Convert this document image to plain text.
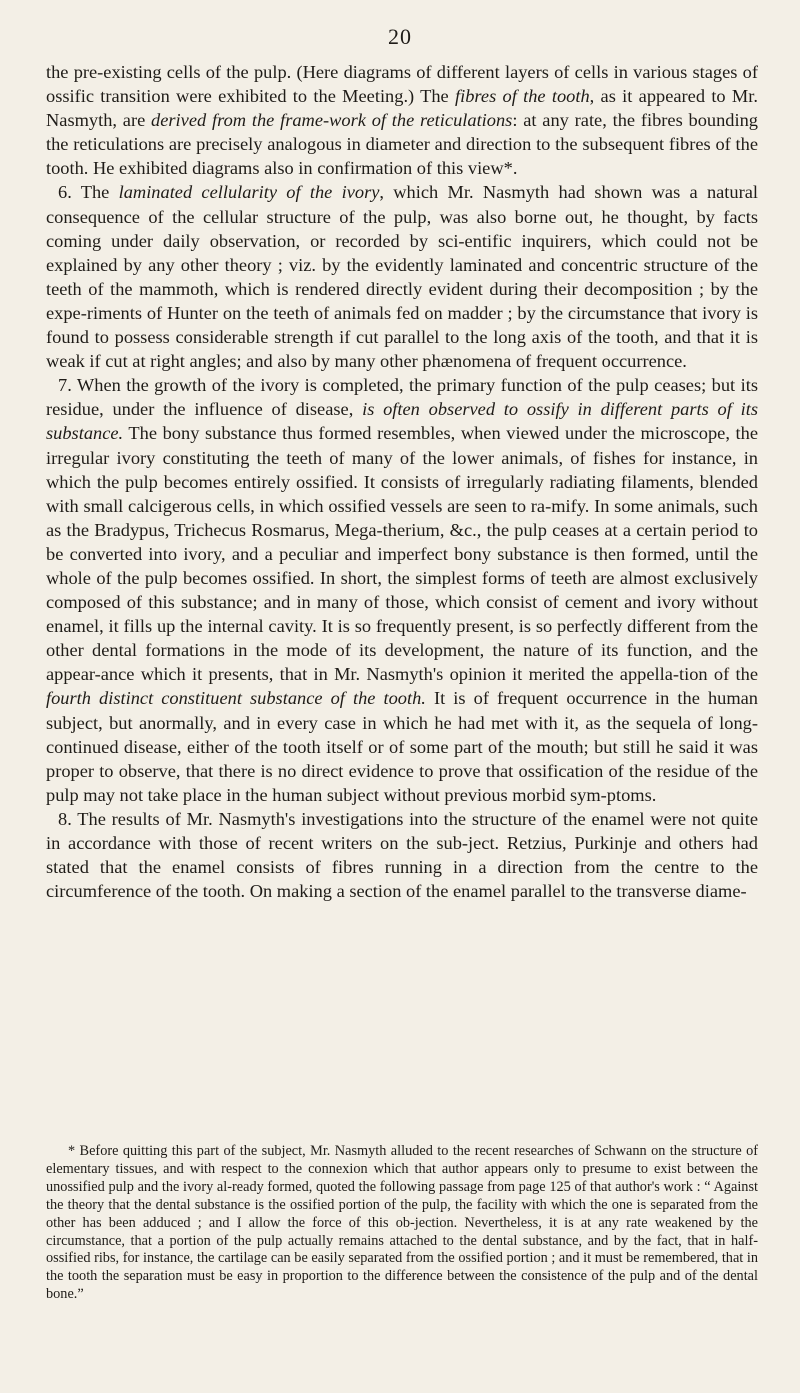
20

the pre-existing cells of the pulp. (Here diagrams of different layers of cells in various stages of ossific transition were exhibited to the Meeting.) The fibres of the tooth, as it appeared to Mr. Nasmyth, are derived from the frame-work of the reticulations: at any rate, the fibres bounding the reticulations are precisely analogous in diameter and direction to the subsequent fibres of the tooth. He exhibited diagrams also in confirmation of this view*.

6. The laminated cellularity of the ivory, which Mr. Nasmyth had shown was a natural consequence of the cellular structure of the pulp, was also borne out, he thought, by facts coming under daily observation, or recorded by sci-entific inquirers, which could not be explained by any other theory ; viz. by the evidently laminated and concentric structure of the teeth of the mammoth, which is rendered directly evident during their decomposition ; by the expe-riments of Hunter on the teeth of animals fed on madder ; by the circumstance that ivory is found to possess considerable strength if cut parallel to the long axis of the tooth, and that it is weak if cut at right angles; and also by many other phænomena of frequent occurrence.

7. When the growth of the ivory is completed, the primary function of the pulp ceases; but its residue, under the influence of disease, is often observed to ossify in different parts of its substance. The bony substance thus formed resembles, when viewed under the microscope, the irregular ivory constituting the teeth of many of the lower animals, of fishes for instance, in which the pulp becomes entirely ossified. It consists of irregularly radiating filaments, blended with small calcigerous cells, in which ossified vessels are seen to ra-mify. In some animals, such as the Bradypus, Trichecus Rosmarus, Mega-therium, &c., the pulp ceases at a certain period to be converted into ivory, and a peculiar and imperfect bony substance is then formed, until the whole of the pulp becomes ossified. In short, the simplest forms of teeth are almost exclusively composed of this substance; and in many of those, which consist of cement and ivory without enamel, it fills up the internal cavity. It is so frequently present, is so perfectly different from the other dental formations in the mode of its development, the nature of its function, and the appear-ance which it presents, that in Mr. Nasmyth's opinion it merited the appella-tion of the fourth distinct constituent substance of the tooth. It is of frequent occurrence in the human subject, but anormally, and in every case in which he had met with it, as the sequela of long-continued disease, either of the tooth itself or of some part of the mouth; but still he said it was proper to observe, that there is no direct evidence to prove that ossification of the residue of the pulp may not take place in the human subject without previous morbid sym-ptoms.

8. The results of Mr. Nasmyth's investigations into the structure of the enamel were not quite in accordance with those of recent writers on the sub-ject. Retzius, Purkinje and others had stated that the enamel consists of fibres running in a direction from the centre to the circumference of the tooth. On making a section of the enamel parallel to the transverse diame-

* Before quitting this part of the subject, Mr. Nasmyth alluded to the recent researches of Schwann on the structure of elementary tissues, and with respect to the connexion which that author appears only to presume to exist between the unossified pulp and the ivory al-ready formed, quoted the following passage from page 125 of that author's work : “ Against the theory that the dental substance is the ossified portion of the pulp, the facility with which the one is separated from the other has been adduced ; and I allow the force of this ob-jection. Nevertheless, it is at any rate weakened by the circumstance, that a portion of the pulp actually remains attached to the dental substance, and by the fact, that in half-ossified ribs, for instance, the cartilage can be easily separated from the ossified portion ; and it must be remembered, that in the tooth the separation must be easy in proportion to the difference between the consistence of the pulp and of the dental bone.”
